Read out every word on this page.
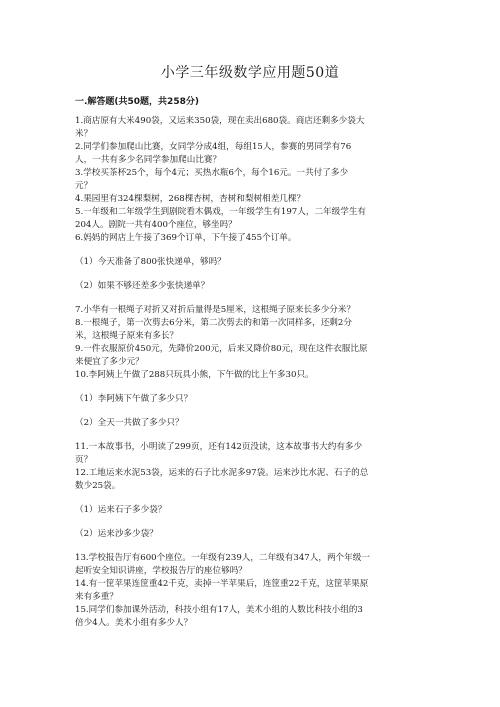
小学三年级数学应用题50道
一.解答题(共50题，共258分)
1.商店原有大米490袋，又运来350袋，现在卖出680袋。商店还剩多少袋大
米？
2.同学们参加爬山比赛，女同学分成4组，每组15人，参赛的男同学有76
人，一共有多少名同学参加爬山比赛？
3.学校买茶杯25个，每个4元；买热水瓶6个，每个16元。一共付了多少
元？
4.果园里有324棵梨树，268棵杏树，杏树和梨树相差几棵？
5.一年级和二年级学生到剧院看木偶戏，一年级学生有197人，二年级学生有
204人。剧院一共有400个座位，够坐吗？
6.妈妈的网店上午接了369个订单，下午接了455个订单。
（1）今天准备了800张快递单，够吗？
（2）如果不够还差多少张快递单？
7.小华有一根绳子对折又对折后量得是5厘米，这根绳子原来长多少分米？
8.一根绳子，第一次剪去6分米，第二次剪去的和第一次同样多，还剩2分
米，这根绳子原来有多长？
9.一件衣服原价450元，先降价200元，后来又降价80元，现在这件衣服比原
来便宜了多少元？
10.李阿姨上午做了288只玩具小熊，下午做的比上午多30只。
（1）李阿姨下午做了多少只？
（2）全天一共做了多少只？
11.一本故事书，小明读了299页，还有142页没读，这本故事书大约有多少
页？
12.工地运来水泥53袋，运来的石子比水泥多97袋。运来沙比水泥、石子的总
数少25袋。
（1）运来石子多少袋？
（2）运来沙多少袋？
13.学校报告厅有600个座位。一年级有239人，二年级有347人，两个年级一
起听安全知识讲座，学校报告厅的座位够吗？
14.有一筐苹果连筐重42千克，卖掉一半苹果后，连筐重22千克，这筐苹果原
来有多重？
15.同学们参加课外活动，科技小组有17人，美术小组的人数比科技小组的3
倍少4人。美术小组有多少人？
